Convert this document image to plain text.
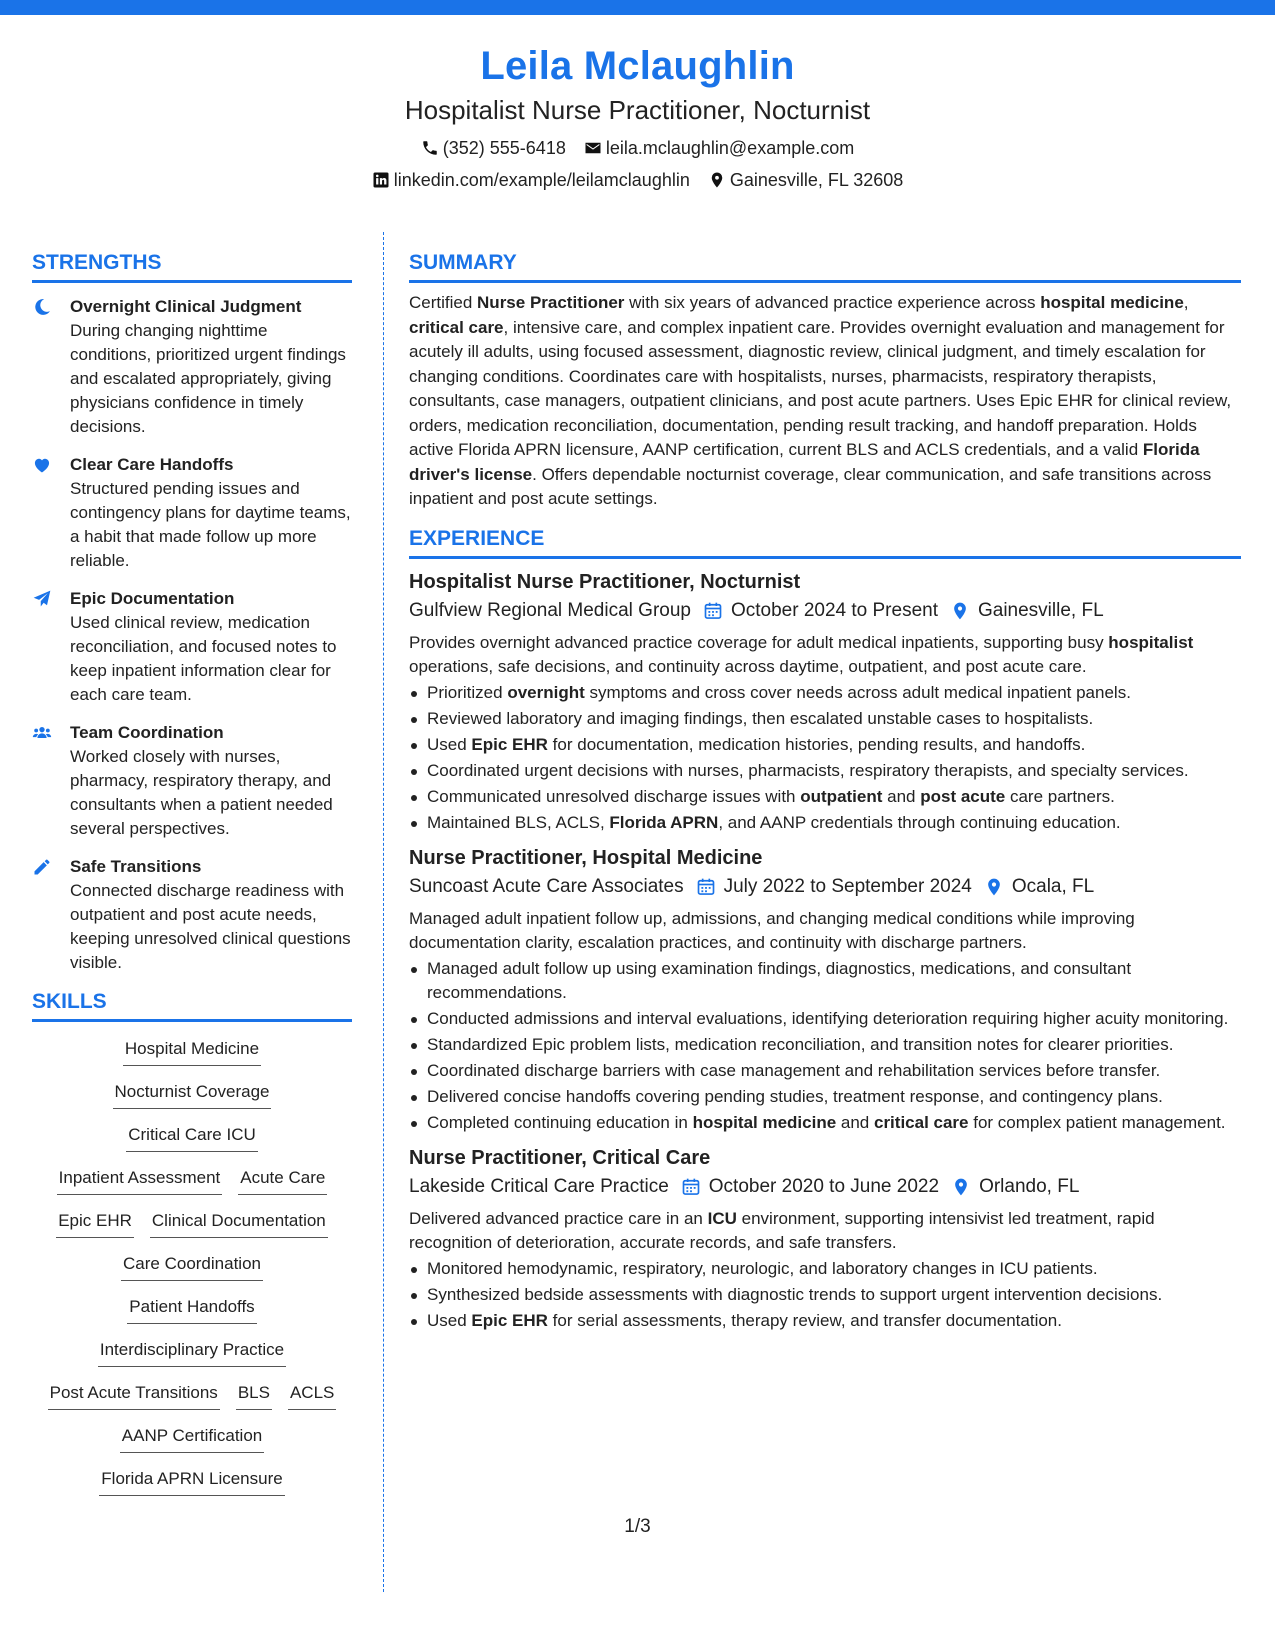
Leila Mclaughlin
Hospitalist Nurse Practitioner, Nocturnist
(352) 555-6418 leila.mclaughlin@example.com
linkedin.com/example/leilamclaughlin Gainesville, FL 32608
STRENGTHS
Overnight Clinical Judgment
During changing nighttime conditions, prioritized urgent findings and escalated appropriately, giving physicians confidence in timely decisions.
Clear Care Handoffs
Structured pending issues and contingency plans for daytime teams, a habit that made follow up more reliable.
Epic Documentation
Used clinical review, medication reconciliation, and focused notes to keep inpatient information clear for each care team.
Team Coordination
Worked closely with nurses, pharmacy, respiratory therapy, and consultants when a patient needed several perspectives.
Safe Transitions
Connected discharge readiness with outpatient and post acute needs, keeping unresolved clinical questions visible.
SKILLS
Hospital Medicine
Nocturnist Coverage
Critical Care ICU
Inpatient Assessment Acute Care
Epic EHR Clinical Documentation
Care Coordination
Patient Handoffs
Interdisciplinary Practice
Post Acute Transitions BLS ACLS
AANP Certification
Florida APRN Licensure
SUMMARY
Certified Nurse Practitioner with six years of advanced practice experience across hospital medicine, critical care, intensive care, and complex inpatient care. Provides overnight evaluation and management for acutely ill adults, using focused assessment, diagnostic review, clinical judgment, and timely escalation for changing conditions. Coordinates care with hospitalists, nurses, pharmacists, respiratory therapists, consultants, case managers, outpatient clinicians, and post acute partners. Uses Epic EHR for clinical review, orders, medication reconciliation, documentation, pending result tracking, and handoff preparation. Holds active Florida APRN licensure, AANP certification, current BLS and ACLS credentials, and a valid Florida driver's license. Offers dependable nocturnist coverage, clear communication, and safe transitions across inpatient and post acute settings.
EXPERIENCE
Hospitalist Nurse Practitioner, Nocturnist
Gulfview Regional Medical Group October 2024 to Present Gainesville, FL
Provides overnight advanced practice coverage for adult medical inpatients, supporting busy hospitalist operations, safe decisions, and continuity across daytime, outpatient, and post acute care.
Prioritized overnight symptoms and cross cover needs across adult medical inpatient panels.
Reviewed laboratory and imaging findings, then escalated unstable cases to hospitalists.
Used Epic EHR for documentation, medication histories, pending results, and handoffs.
Coordinated urgent decisions with nurses, pharmacists, respiratory therapists, and specialty services.
Communicated unresolved discharge issues with outpatient and post acute care partners.
Maintained BLS, ACLS, Florida APRN, and AANP credentials through continuing education.
Nurse Practitioner, Hospital Medicine
Suncoast Acute Care Associates July 2022 to September 2024 Ocala, FL
Managed adult inpatient follow up, admissions, and changing medical conditions while improving documentation clarity, escalation practices, and continuity with discharge partners.
Managed adult follow up using examination findings, diagnostics, medications, and consultant recommendations.
Conducted admissions and interval evaluations, identifying deterioration requiring higher acuity monitoring.
Standardized Epic problem lists, medication reconciliation, and transition notes for clearer priorities.
Coordinated discharge barriers with case management and rehabilitation services before transfer.
Delivered concise handoffs covering pending studies, treatment response, and contingency plans.
Completed continuing education in hospital medicine and critical care for complex patient management.
Nurse Practitioner, Critical Care
Lakeside Critical Care Practice October 2020 to June 2022 Orlando, FL
Delivered advanced practice care in an ICU environment, supporting intensivist led treatment, rapid recognition of deterioration, accurate records, and safe transfers.
Monitored hemodynamic, respiratory, neurologic, and laboratory changes in ICU patients.
Synthesized bedside assessments with diagnostic trends to support urgent intervention decisions.
Used Epic EHR for serial assessments, therapy review, and transfer documentation.
1/3
